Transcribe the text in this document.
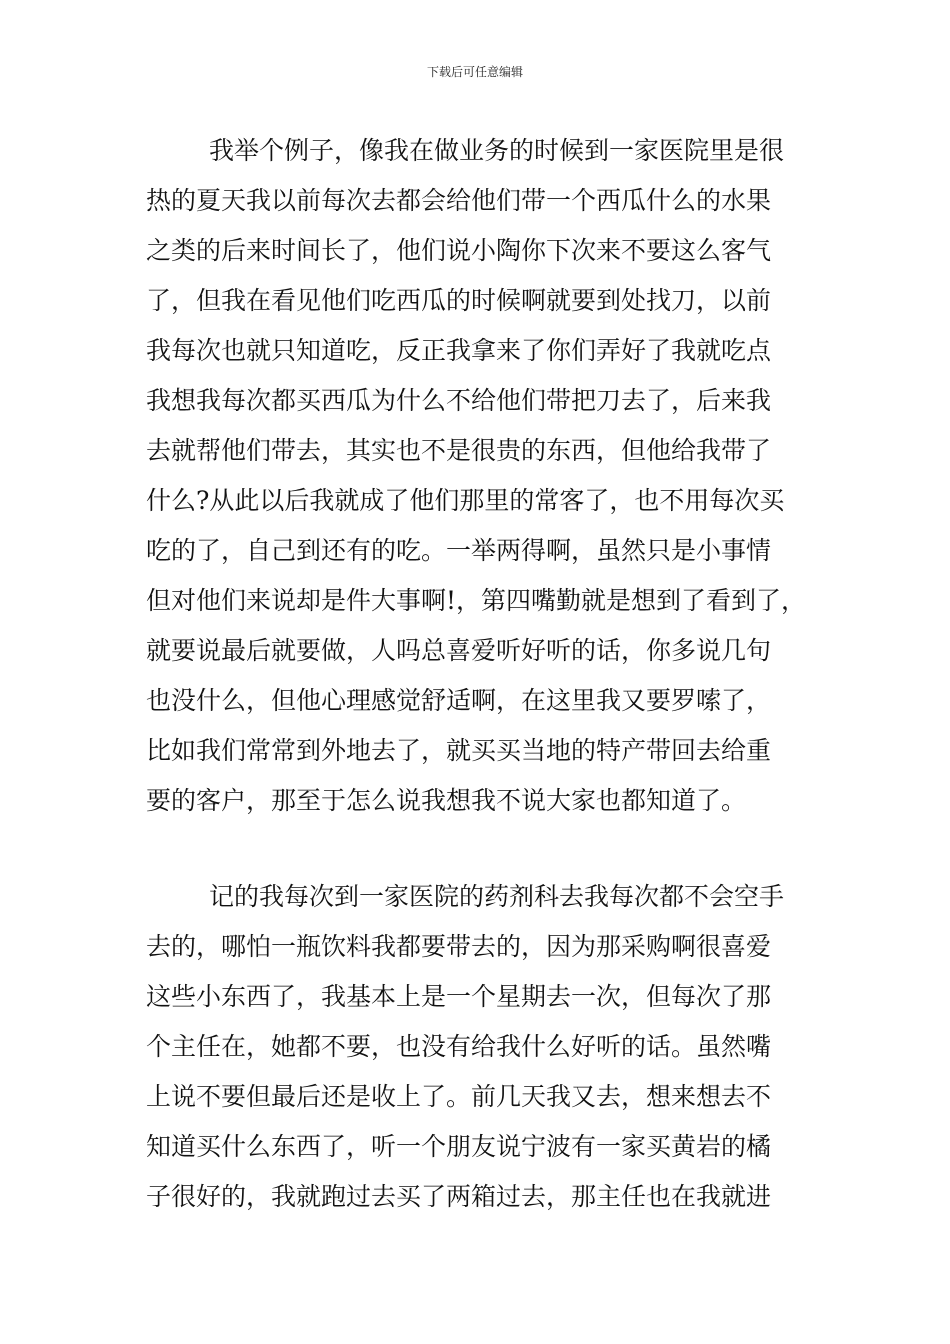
下载后可任意编辑
我举个例子，像我在做业务的时候到一家医院里是很
热的夏天我以前每次去都会给他们带一个西瓜什么的水果
之类的后来时间长了，他们说小陶你下次来不要这么客气
了，但我在看见他们吃西瓜的时候啊就要到处找刀，以前
我每次也就只知道吃，反正我拿来了你们弄好了我就吃点
我想我每次都买西瓜为什么不给他们带把刀去了，后来我
去就帮他们带去，其实也不是很贵的东西，但他给我带了
什么?从此以后我就成了他们那里的常客了，也不用每次买
吃的了，自己到还有的吃。一举两得啊，虽然只是小事情
但对他们来说却是件大事啊!，第四嘴勤就是想到了看到了，
就要说最后就要做，人吗总喜爱听好听的话，你多说几句
也没什么，但他心理感觉舒适啊，在这里我又要罗嗦了，
比如我们常常到外地去了，就买买当地的特产带回去给重
要的客户，那至于怎么说我想我不说大家也都知道了。
记的我每次到一家医院的药剂科去我每次都不会空手
去的，哪怕一瓶饮料我都要带去的，因为那采购啊很喜爱
这些小东西了，我基本上是一个星期去一次，但每次了那
个主任在，她都不要，也没有给我什么好听的话。虽然嘴
上说不要但最后还是收上了。前几天我又去，想来想去不
知道买什么东西了，听一个朋友说宁波有一家买黄岩的橘
子很好的，我就跑过去买了两箱过去，那主任也在我就进
